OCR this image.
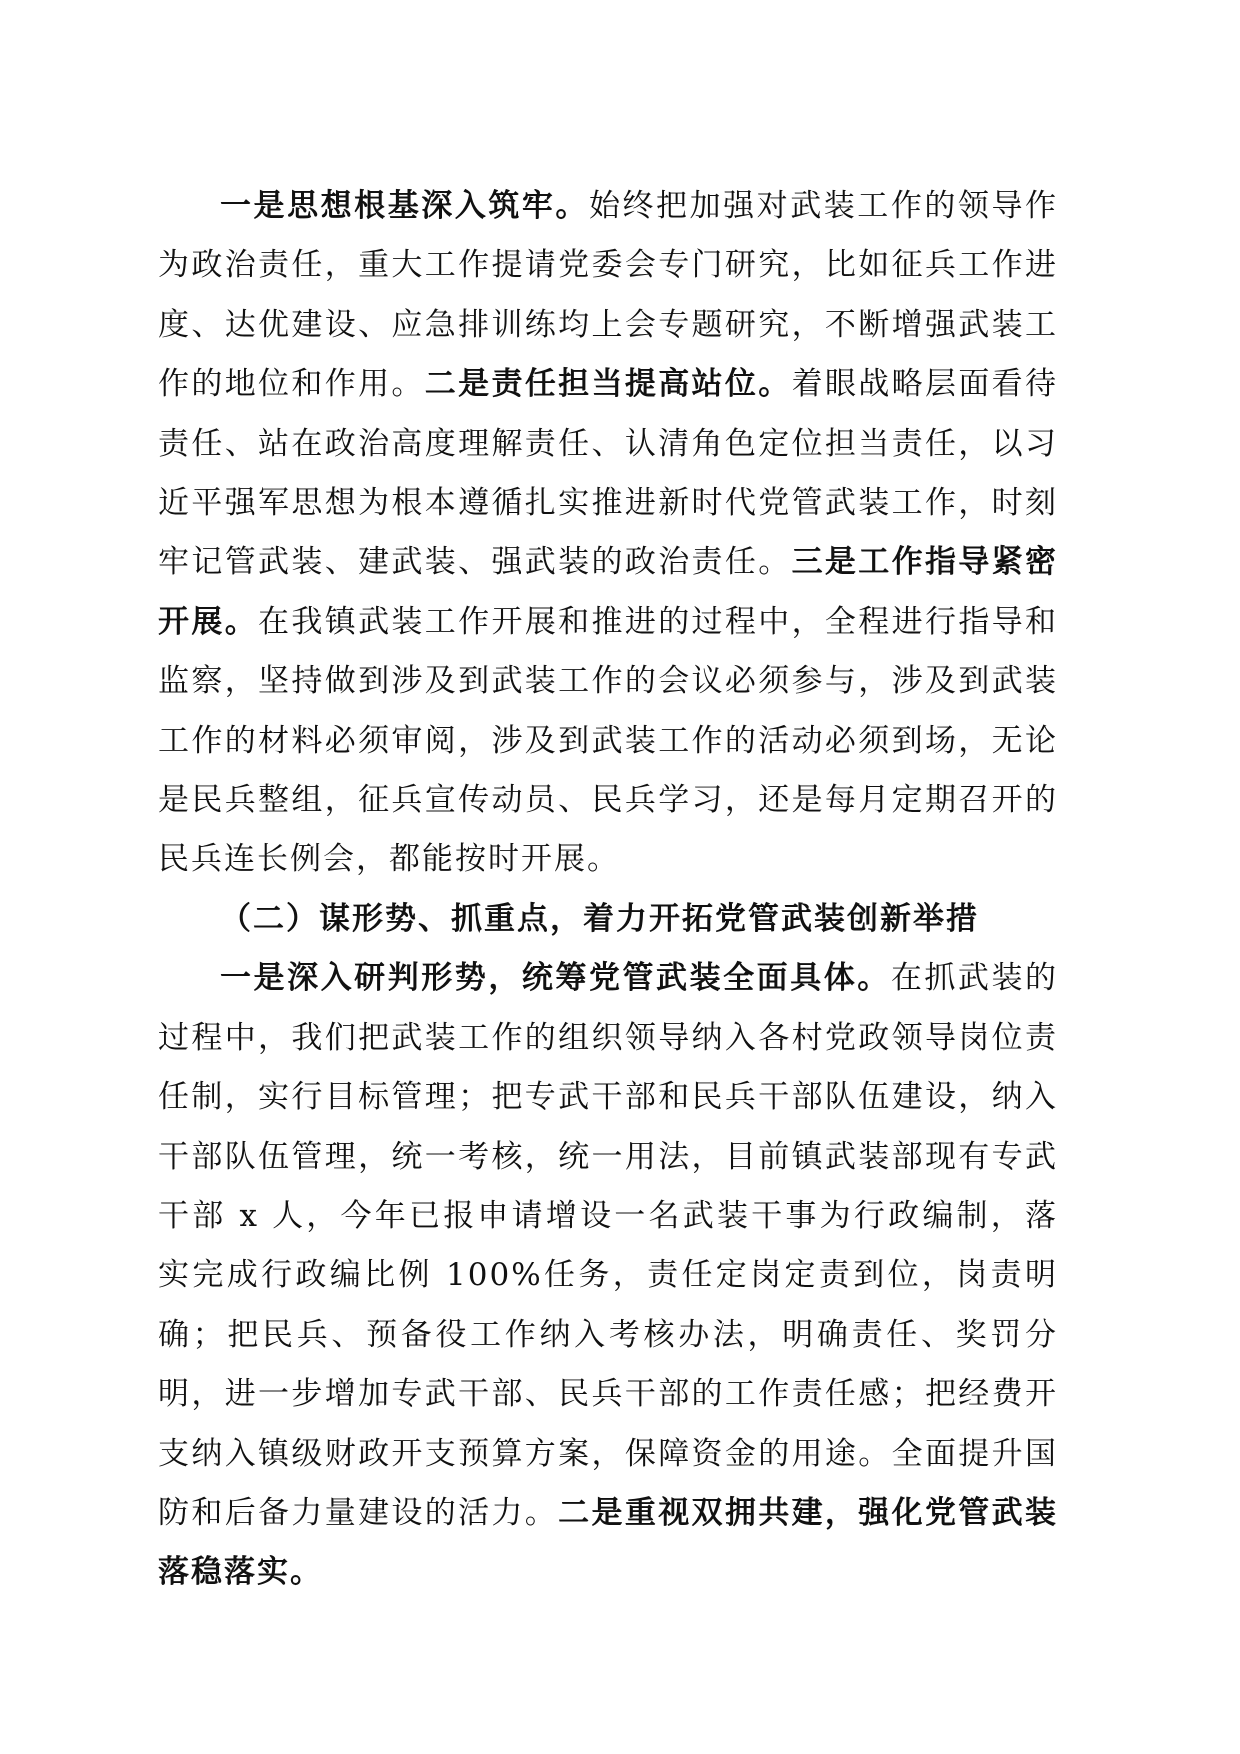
一是思想根基深入筑牢。始终把加强对武装工作的领导作为政治责任，重大工作提请党委会专门研究，比如征兵工作进度、达优建设、应急排训练均上会专题研究，不断增强武装工作的地位和作用。二是责任担当提高站位。着眼战略层面看待责任、站在政治高度理解责任、认清角色定位担当责任，以习近平强军思想为根本遵循扎实推进新时代党管武装工作，时刻牢记管武装、建武装、强武装的政治责任。三是工作指导紧密开展。在我镇武装工作开展和推进的过程中，全程进行指导和监察，坚持做到涉及到武装工作的会议必须参与，涉及到武装工作的材料必须审阅，涉及到武装工作的活动必须到场，无论是民兵整组，征兵宣传动员、民兵学习，还是每月定期召开的民兵连长例会，都能按时开展。

（二）谋形势、抓重点，着力开拓党管武装创新举措

一是深入研判形势，统筹党管武装全面具体。在抓武装的过程中，我们把武装工作的组织领导纳入各村党政领导岗位责任制，实行目标管理；把专武干部和民兵干部队伍建设，纳入干部队伍管理，统一考核，统一用法，目前镇武装部现有专武干部 x 人，今年已报申请增设一名武装干事为行政编制，落实完成行政编比例 100%任务，责任定岗定责到位，岗责明确；把民兵、预备役工作纳入考核办法，明确责任、奖罚分明，进一步增加专武干部、民兵干部的工作责任感；把经费开支纳入镇级财政开支预算方案，保障资金的用途。全面提升国防和后备力量建设的活力。二是重视双拥共建，强化党管武装落稳落实。
